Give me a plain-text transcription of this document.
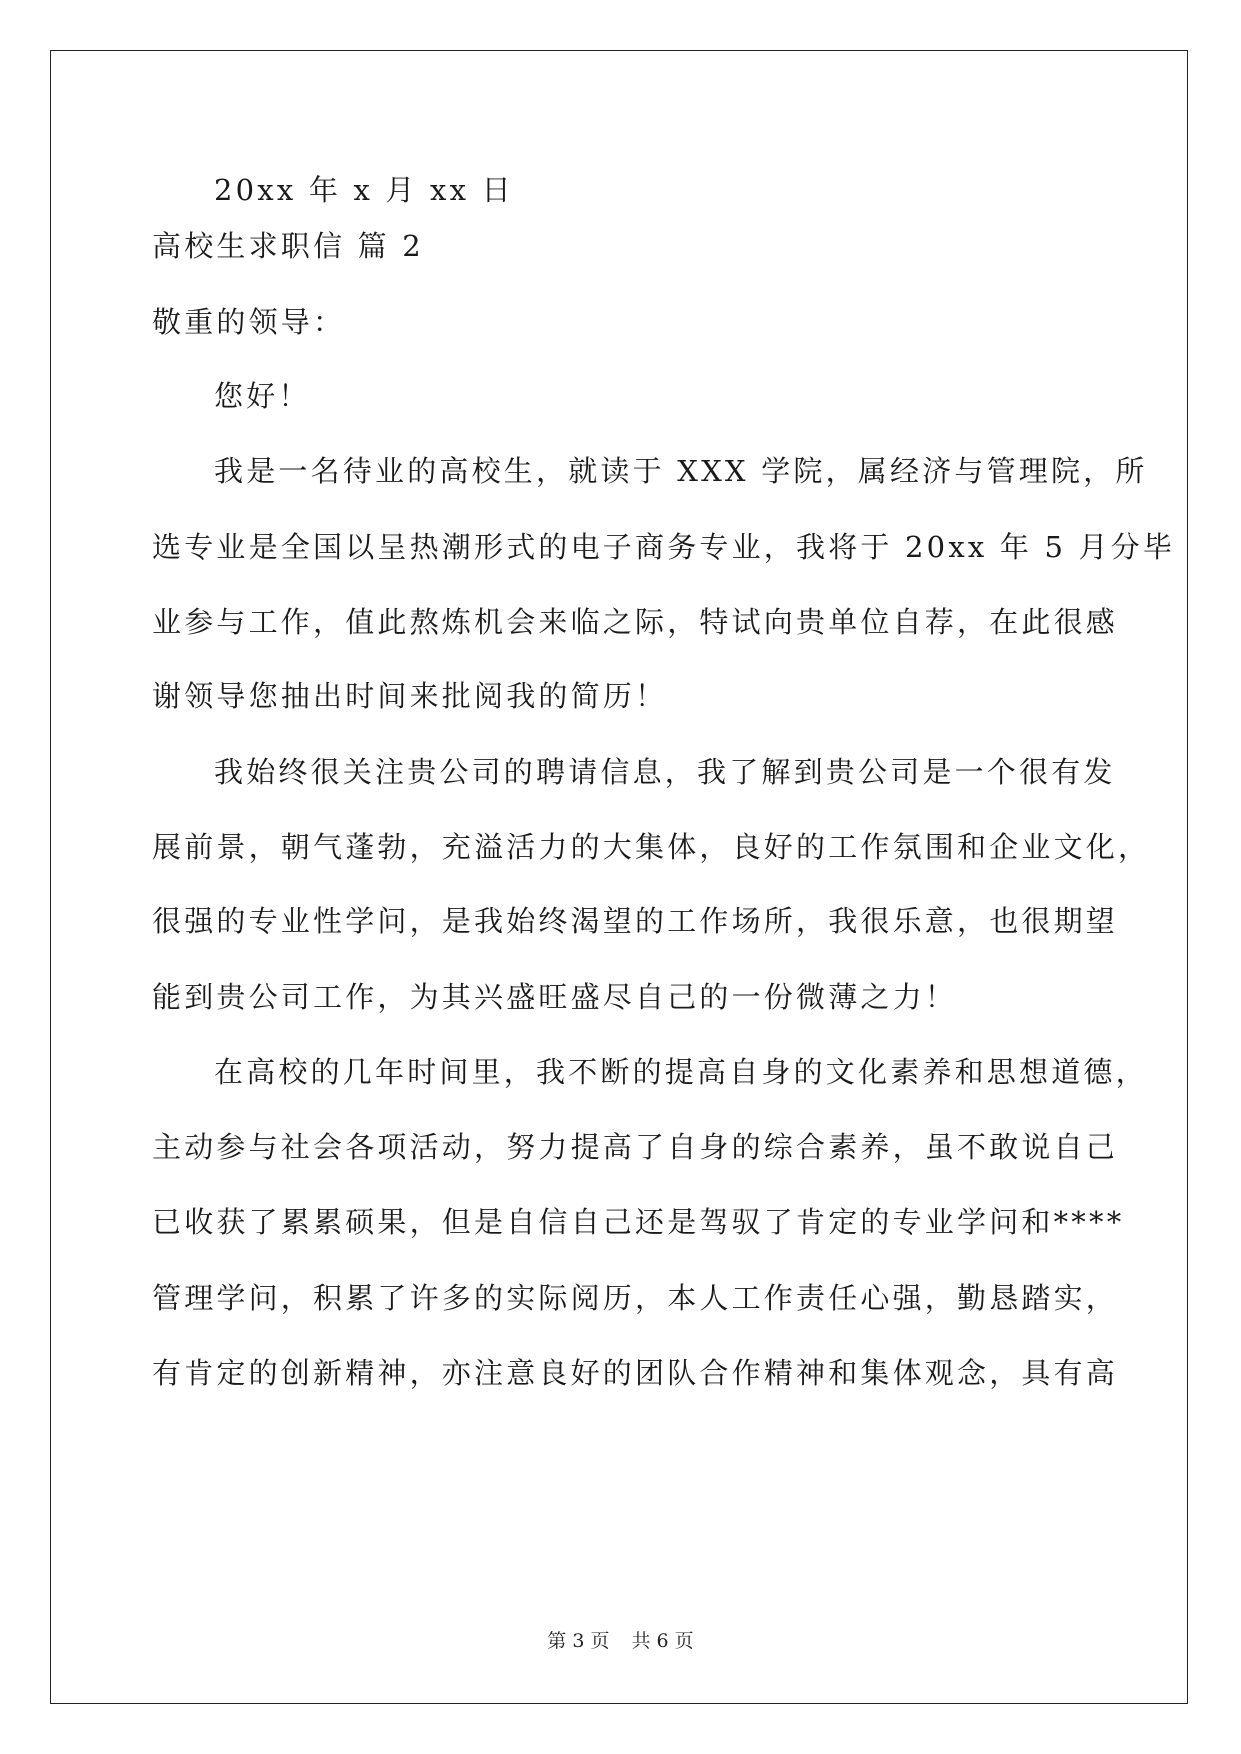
20xx 年 x 月 xx 日
高校生求职信 篇 2
敬重的领导：
您好！
我是一名待业的高校生，就读于 XXX 学院，属经济与管理院，所
选专业是全国以呈热潮形式的电子商务专业，我将于 20xx 年 5 月分毕
业参与工作，值此熬炼机会来临之际，特试向贵单位自荐，在此很感
谢领导您抽出时间来批阅我的简历！
我始终很关注贵公司的聘请信息，我了解到贵公司是一个很有发
展前景，朝气蓬勃，充溢活力的大集体，良好的工作氛围和企业文化，
很强的专业性学问，是我始终渴望的工作场所，我很乐意，也很期望
能到贵公司工作，为其兴盛旺盛尽自己的一份微薄之力！
在高校的几年时间里，我不断的提高自身的文化素养和思想道德，
主动参与社会各项活动，努力提高了自身的综合素养，虽不敢说自己
已收获了累累硕果，但是自信自己还是驾驭了肯定的专业学问和****
管理学问，积累了许多的实际阅历，本人工作责任心强，勤恳踏实，
有肯定的创新精神，亦注意良好的团队合作精神和集体观念，具有高
第 3 页 共 6 页
